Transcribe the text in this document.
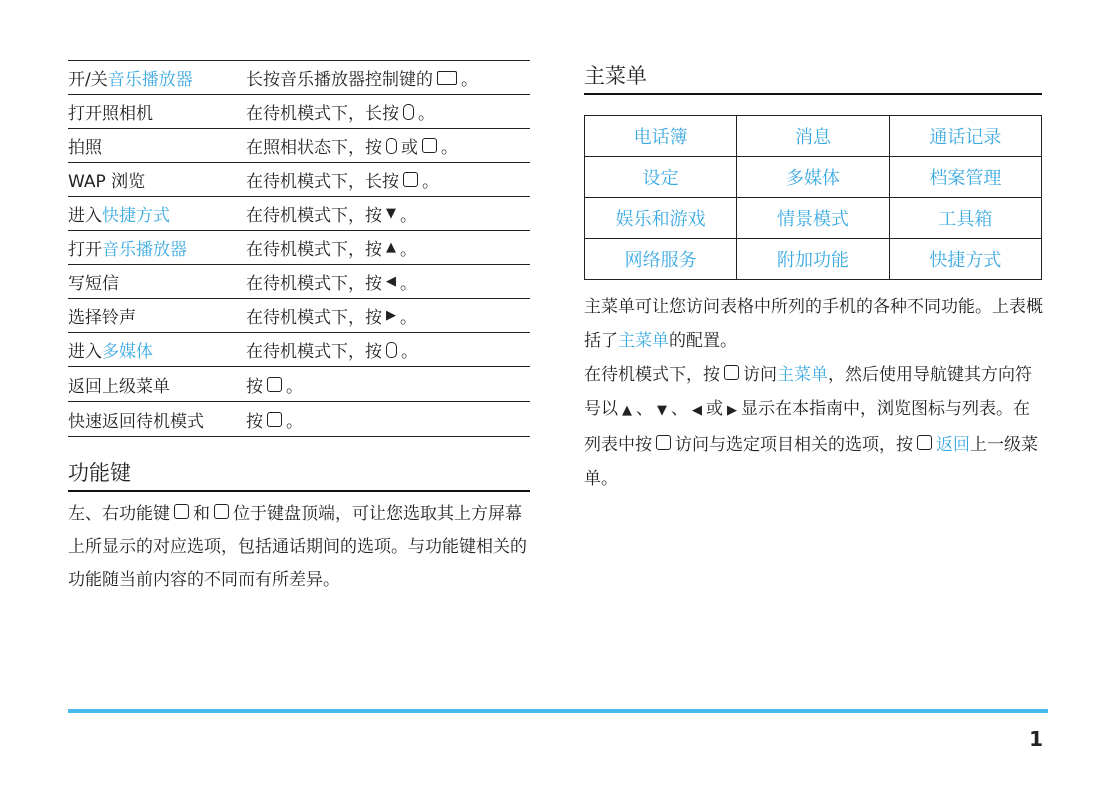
开/关音乐播放器	长按音乐播放器控制键的 。
打开照相机	在待机模式下，长按 。
拍照	在照相状态下，按 或 。
WAP 浏览	在待机模式下，长按 。
进入快捷方式	在待机模式下，按 ▼ 。
打开音乐播放器	在待机模式下，按 ▲ 。
写短信	在待机模式下，按 ◀ 。
选择铃声	在待机模式下，按 ▶ 。
进入多媒体	在待机模式下，按 。
返回上级菜单	按 。
快速返回待机模式	按 。
功能键
左、右功能键 和 位于键盘顶端，可让您选取其上方屏幕上所显示的对应选项，包括通话期间的选项。与功能键相关的功能随当前内容的不同而有所差异。
主菜单
电话簿	消息	通话记录
设定	多媒体	档案管理
娱乐和游戏	情景模式	工具箱
网络服务	附加功能	快捷方式
主菜单可让您访问表格中所列的手机的各种不同功能。上表概括了主菜单的配置。
在待机模式下，按 访问主菜单，然后使用导航键其方向符号以 ▲ 、 ▼ 、 ◀ 或 ▶ 显示在本指南中，浏览图标与列表。在列表中按 访问与选定项目相关的选项，按 返回上一级菜单。
1
